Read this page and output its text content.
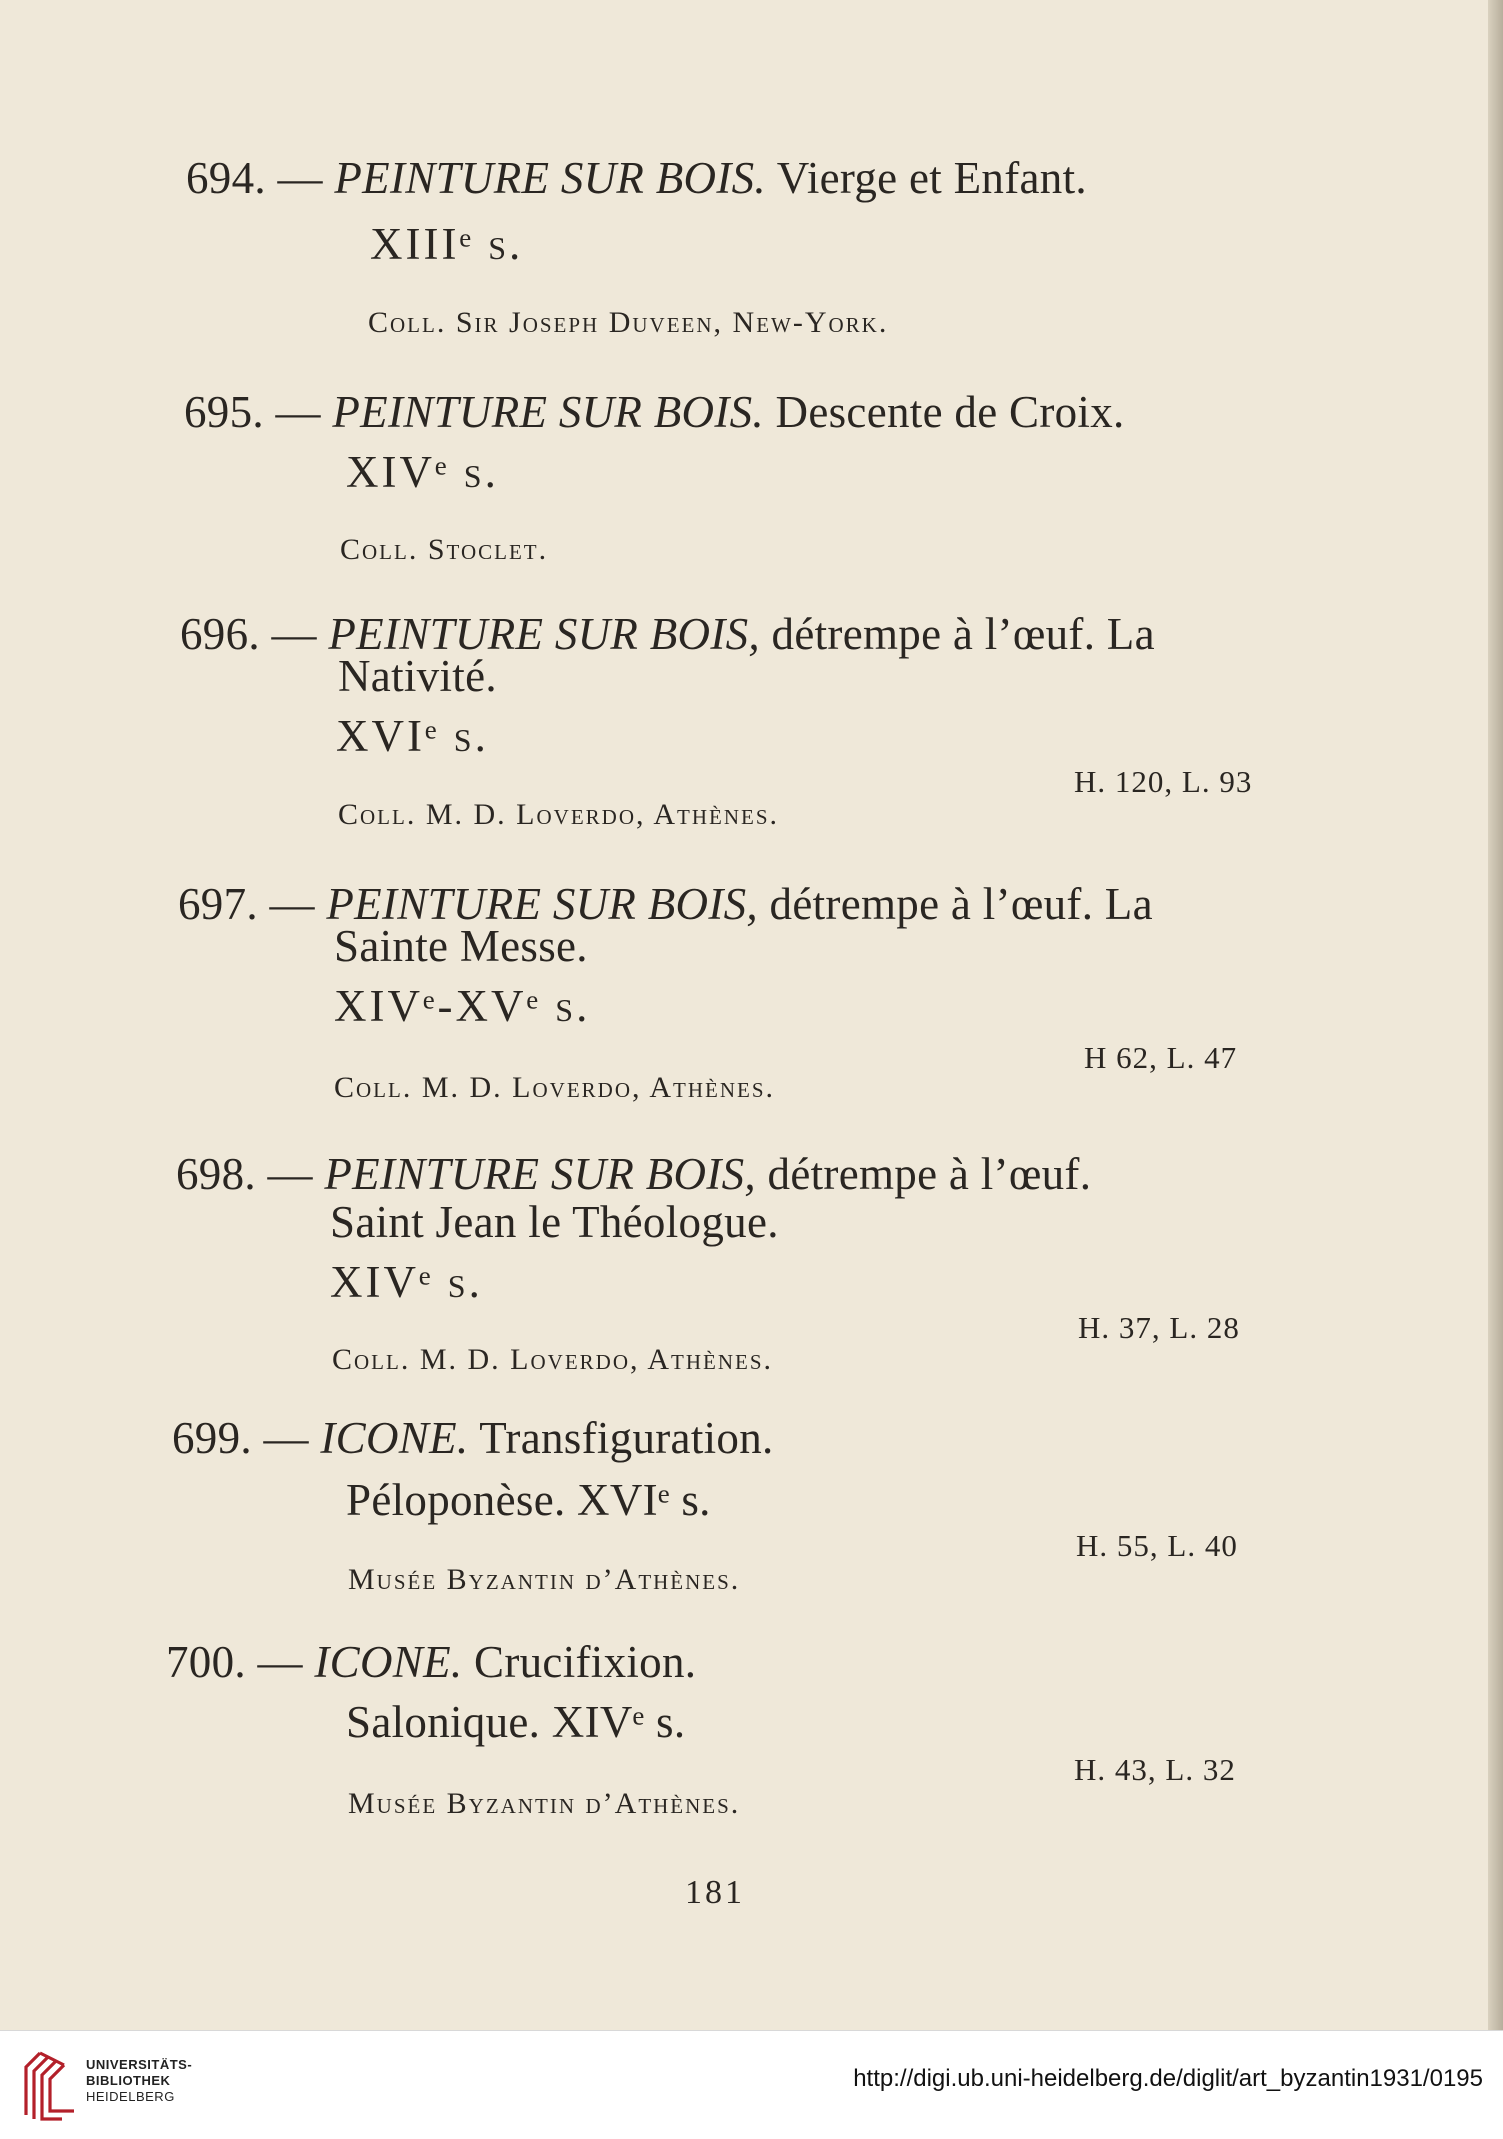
694. — PEINTURE SUR BOIS. Vierge et Enfant.
XIIIᵉ s.
Coll. Sir Joseph Duveen, New-York.
695. — PEINTURE SUR BOIS. Descente de Croix.
XIVᵉ s.
Coll. Stoclet.
696. — PEINTURE SUR BOIS, détrempe à l’œuf. La
Nativité.
XVIᵉ s.
H. 120, L. 93
Coll. M. D. Loverdo, Athènes.
697. — PEINTURE SUR BOIS, détrempe à l’œuf. La
Sainte Messe.
XIVᵉ-XVᵉ s.
H 62, L. 47
Coll. M. D. Loverdo, Athènes.
698. — PEINTURE SUR BOIS, détrempe à l’œuf.
Saint Jean le Théologue.
XIVᵉ s.
H. 37, L. 28
Coll. M. D. Loverdo, Athènes.
699. — ICONE. Transfiguration.
Péloponèse. XVIᵉ s.
H. 55, L. 40
Musée Byzantin d’Athènes.
700. — ICONE. Crucifixion.
Salonique. XIVᵉ s.
H. 43, L. 32
Musée Byzantin d’Athènes.
181
UNIVERSITÄTS-
BIBLIOTHEK
HEIDELBERG
http://digi.ub.uni-heidelberg.de/diglit/art_byzantin1931/0195
